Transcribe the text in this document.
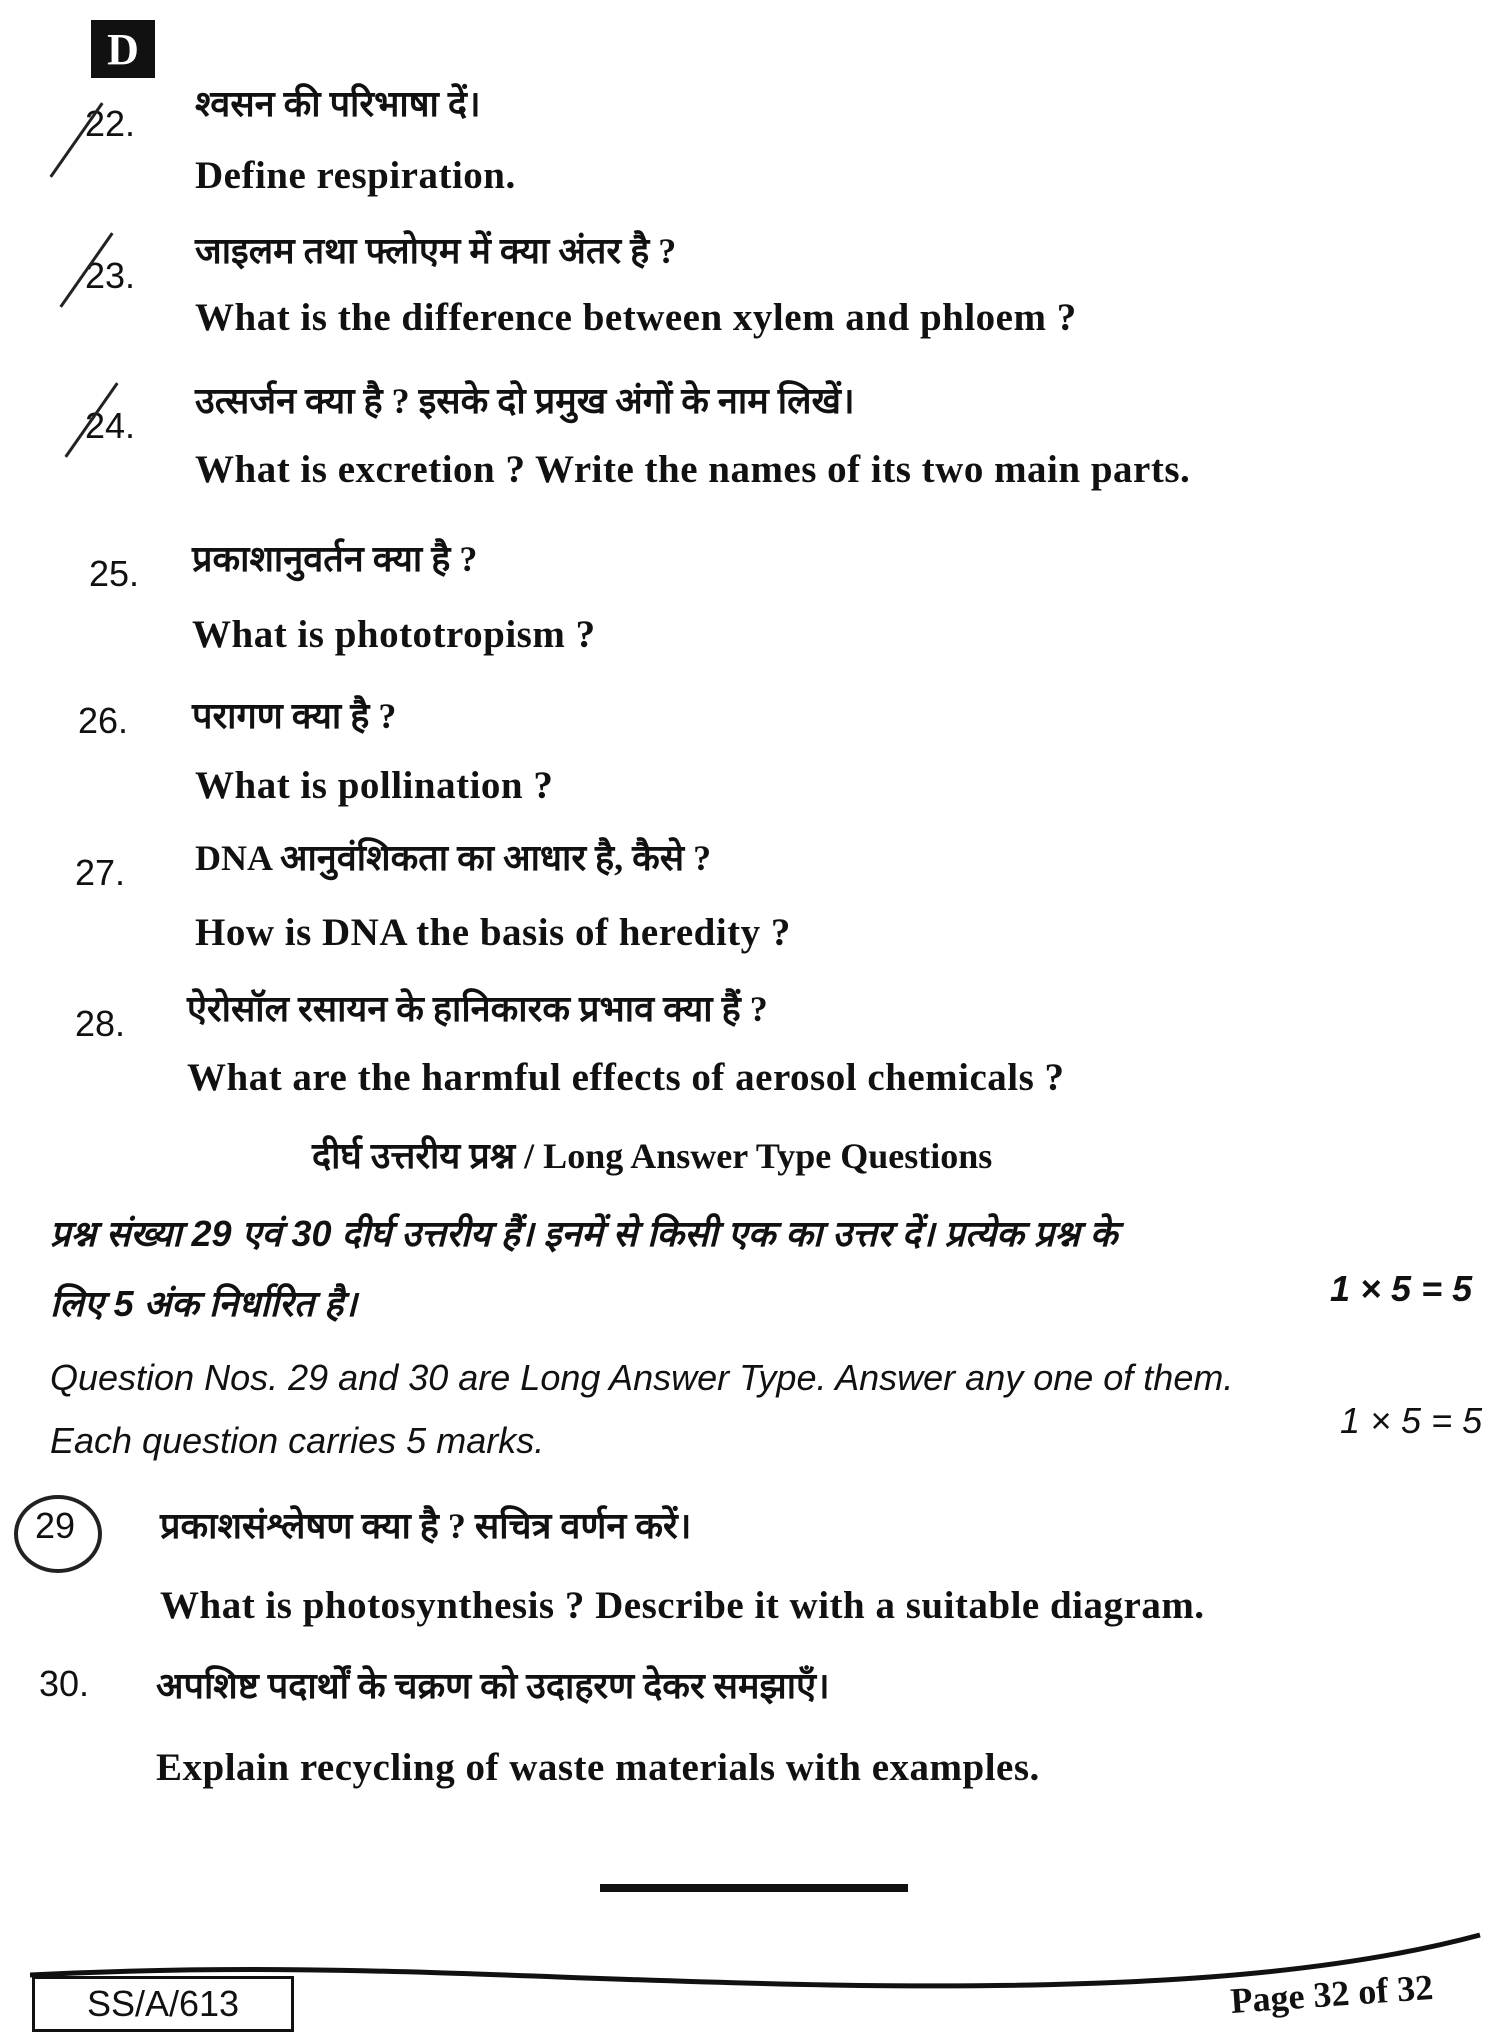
D
22. श्वसन की परिभाषा दें।
Define respiration.
23.
जाइलम तथा फ्लोएम में क्या अंतर है ?
What is the difference between xylem and phloem ?
24.
उत्सर्जन क्या है ? इसके दो प्रमुख अंगों के नाम लिखें।
What is excretion ? Write the names of its two main parts.
25. प्रकाशानुवर्तन क्या है ?
What is phototropism ?
26. परागण क्या है ?
What is pollination ?
27. DNA आनुवंशिकता का आधार है, कैसे ?
How is DNA the basis of heredity ?
28. ऐरोसॉल रसायन के हानिकारक प्रभाव क्या हैं ?
What are the harmful effects of aerosol chemicals ?
दीर्घ उत्तरीय प्रश्न / Long Answer Type Questions
प्रश्न संख्या 29 एवं 30 दीर्घ उत्तरीय हैं। इनमें से किसी एक का उत्तर दें। प्रत्येक प्रश्न के
लिए 5 अंक निर्धारित है।	1 × 5 = 5
Question Nos. 29 and 30 are Long Answer Type. Answer any one of them.
Each question carries 5 marks.	1 × 5 = 5
29 प्रकाशसंश्लेषण क्या है ? सचित्र वर्णन करें।
What is photosynthesis ? Describe it with a suitable diagram.
30. अपशिष्ट पदार्थों के चक्रण को उदाहरण देकर समझाएँ।
Explain recycling of waste materials with examples.
SS/A/613	Page 32 of 32
